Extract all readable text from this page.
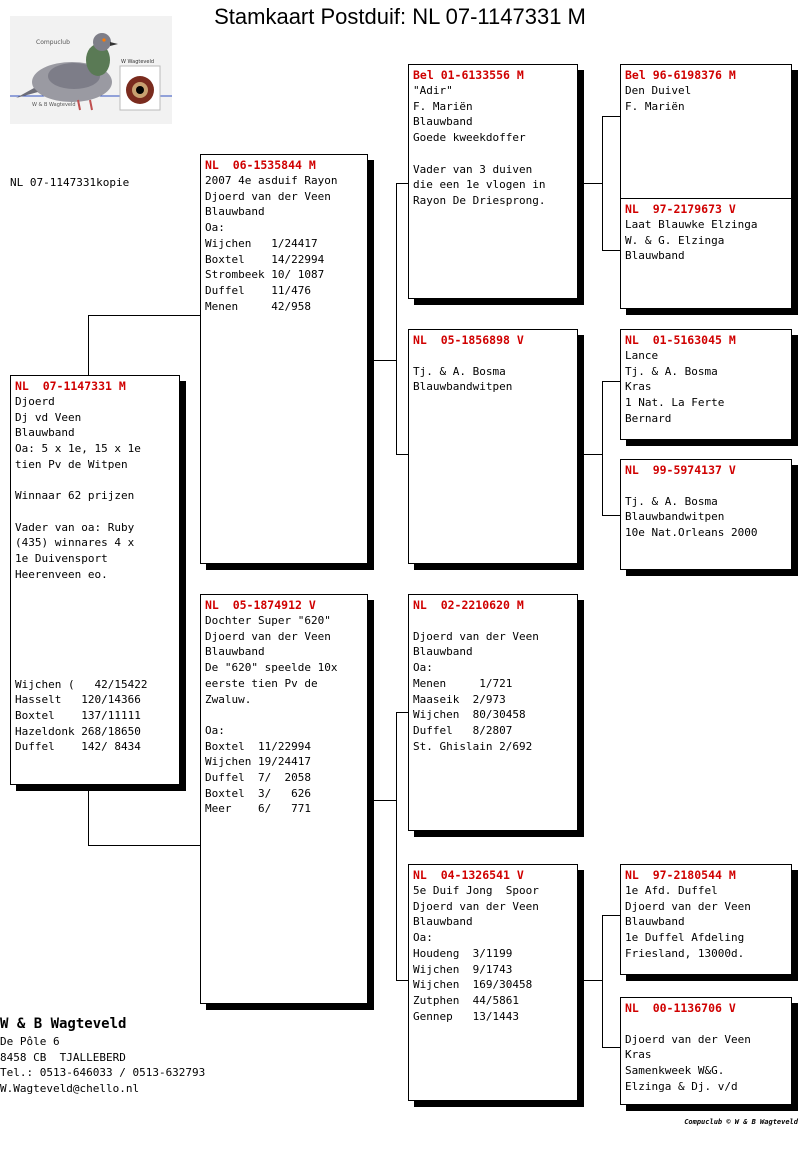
Stamkaart Postduif: NL 07-1147331 M
Compuclub
W Wagteveld
W & B Wagteveld
NL 07-1147331kopie
NL  07-1147331 M
Djoerd
Dj vd Veen
Blauwband
Oa: 5 x 1e, 15 x 1e
tien Pv de Witpen
Winnaar 62 prijzen
Vader van oa: Ruby
(435) winnares 4 x
1e Duivensport
Heerenveen eo.
Wijchen (   42/15422
Hasselt   120/14366
Boxtel    137/11111
Hazeldonk 268/18650
Duffel    142/ 8434
NL  06-1535844 M
2007 4e asduif Rayon
Djoerd van der Veen
Blauwband
Oa:
Wijchen   1/24417
Boxtel    14/22994
Strombeek 10/ 1087
Duffel    11/476
Menen     42/958
NL  05-1874912 V
Dochter Super "620"
Djoerd van der Veen
Blauwband
De "620" speelde 10x
eerste tien Pv de
Zwaluw.
Oa:
Boxtel  11/22994
Wijchen 19/24417
Duffel  7/  2058
Boxtel  3/   626
Meer    6/   771
Bel 01-6133556 M
"Adir"
F. Mariën
Blauwband
Goede kweekdoffer
Vader van 3 duiven
die een 1e vlogen in
Rayon De Driesprong.
NL  05-1856898 V
Tj. & A. Bosma
Blauwbandwitpen
NL  02-2210620 M
Djoerd van der Veen
Blauwband
Oa:
Menen     1/721
Maaseik  2/973
Wijchen  80/30458
Duffel   8/2807
St. Ghislain 2/692
NL  04-1326541 V
5e Duif Jong  Spoor
Djoerd van der Veen
Blauwband
Oa:
Houdeng  3/1199
Wijchen  9/1743
Wijchen  169/30458
Zutphen  44/5861
Gennep   13/1443
Bel 96-6198376 M
Den Duivel
F. Mariën
NL  97-2179673 V
Laat Blauwke Elzinga
W. & G. Elzinga
Blauwband
NL  01-5163045 M
Lance
Tj. & A. Bosma
Kras
1 Nat. La Ferte
Bernard
NL  99-5974137 V
Tj. & A. Bosma
Blauwbandwitpen
10e Nat.Orleans 2000
NL  97-2180544 M
1e Afd. Duffel
Djoerd van der Veen
Blauwband
1e Duffel Afdeling
Friesland, 13000d.
NL  00-1136706 V
Djoerd van der Veen
Kras
Samenkweek W&G.
Elzinga & Dj. v/d
W & B Wagteveld
De Pôle 6
8458 CB  TJALLEBERD
Tel.: 0513-646033 / 0513-632793
W.Wagteveld@chello.nl
Compuclub © W & B Wagteveld
